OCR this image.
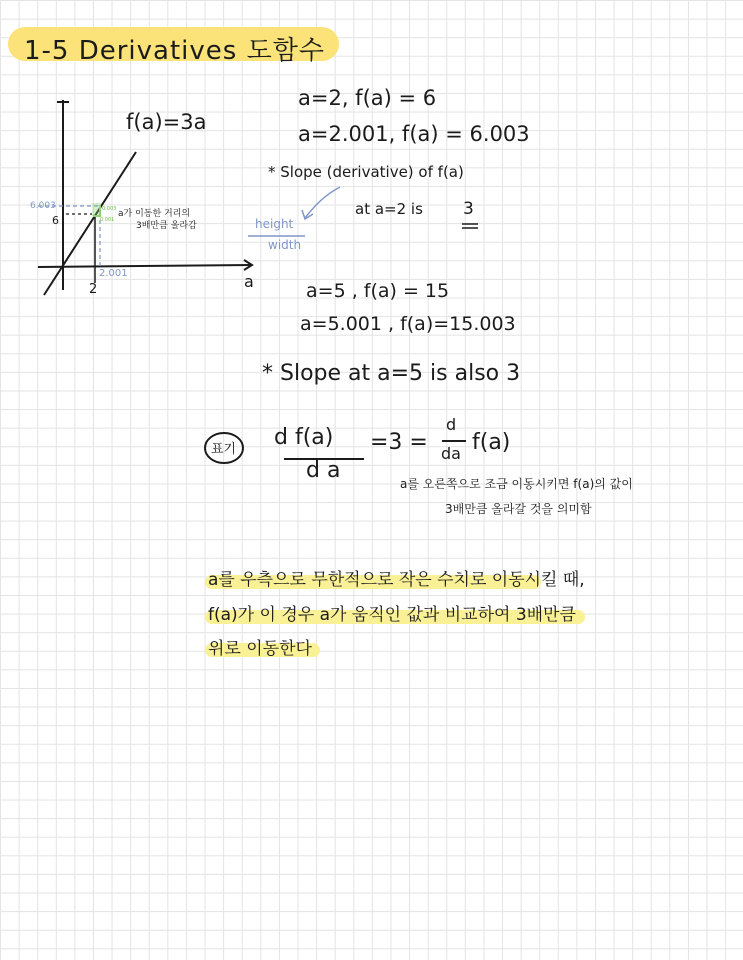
1-5 Derivatives 도함수
f(a)=3a
6.003
6
2
2.001	a
0.003
0.001
a가 이동한 거리의
3배만큼 올라감
a=2, f(a) = 6
a=2.001, f(a) = 6.003
* Slope (derivative) of f(a)
at a=2 is 3
height
width
a=5 , f(a) = 15
a=5.001 , f(a)=15.003
* Slope at a=5 is also 3
표기 d f(a)
d a
=3 =
d
da f(a)
a를 오른쪽으로 조금 이동시키면 f(a)의 값이
3배만큼 올라갈 것을 의미함
a를 우측으로 무한적으로 작은 수치로 이동시킬 때,
f(a)가 이 경우 a가 움직인 값과 비교하여 3배만큼
위로 이동한다
